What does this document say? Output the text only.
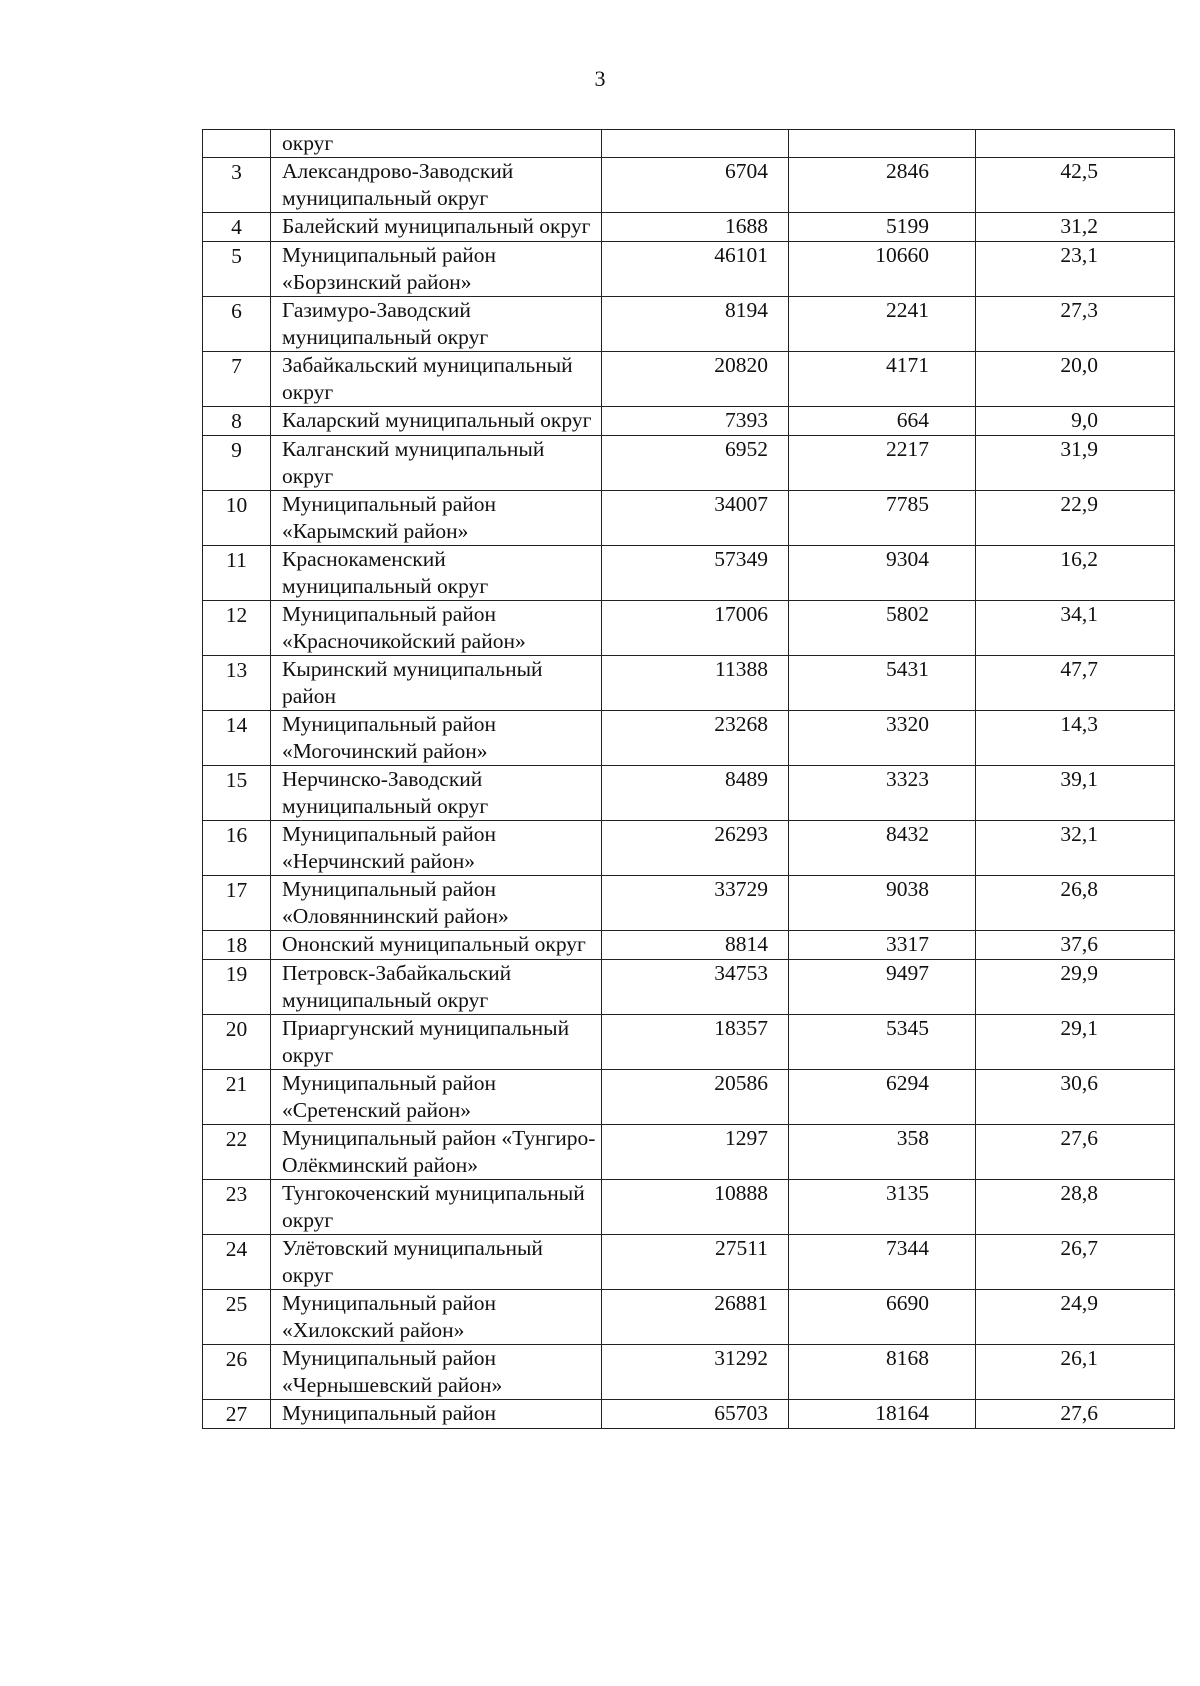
3
	округ			
3	Александрово-Заводский муниципальный округ	6704	2846	42,5
4	Балейский муниципальный округ	1688	5199	31,2
5	Муниципальный район «Борзинский район»	46101	10660	23,1
6	Газимуро-Заводский муниципальный округ	8194	2241	27,3
7	Забайкальский муниципальный округ	20820	4171	20,0
8	Каларский муниципальный округ	7393	664	9,0
9	Калганский муниципальный округ	6952	2217	31,9
10	Муниципальный район «Карымский район»	34007	7785	22,9
11	Краснокаменский муниципальный округ	57349	9304	16,2
12	Муниципальный район «Красночикойский район»	17006	5802	34,1
13	Кыринский муниципальный район	11388	5431	47,7
14	Муниципальный район «Могочинский район»	23268	3320	14,3
15	Нерчинско-Заводский муниципальный округ	8489	3323	39,1
16	Муниципальный район «Нерчинский район»	26293	8432	32,1
17	Муниципальный район «Оловяннинский район»	33729	9038	26,8
18	Ононский муниципальный округ	8814	3317	37,6
19	Петровск-Забайкальский муниципальный округ	34753	9497	29,9
20	Приаргунский муниципальный округ	18357	5345	29,1
21	Муниципальный район «Сретенский район»	20586	6294	30,6
22	Муниципальный район «Тунгиро-Олёкминский район»	1297	358	27,6
23	Тунгокоченский муниципальный округ	10888	3135	28,8
24	Улётовский муниципальный округ	27511	7344	26,7
25	Муниципальный район «Хилокский район»	26881	6690	24,9
26	Муниципальный район «Чернышевский район»	31292	8168	26,1
27	Муниципальный район	65703	18164	27,6
